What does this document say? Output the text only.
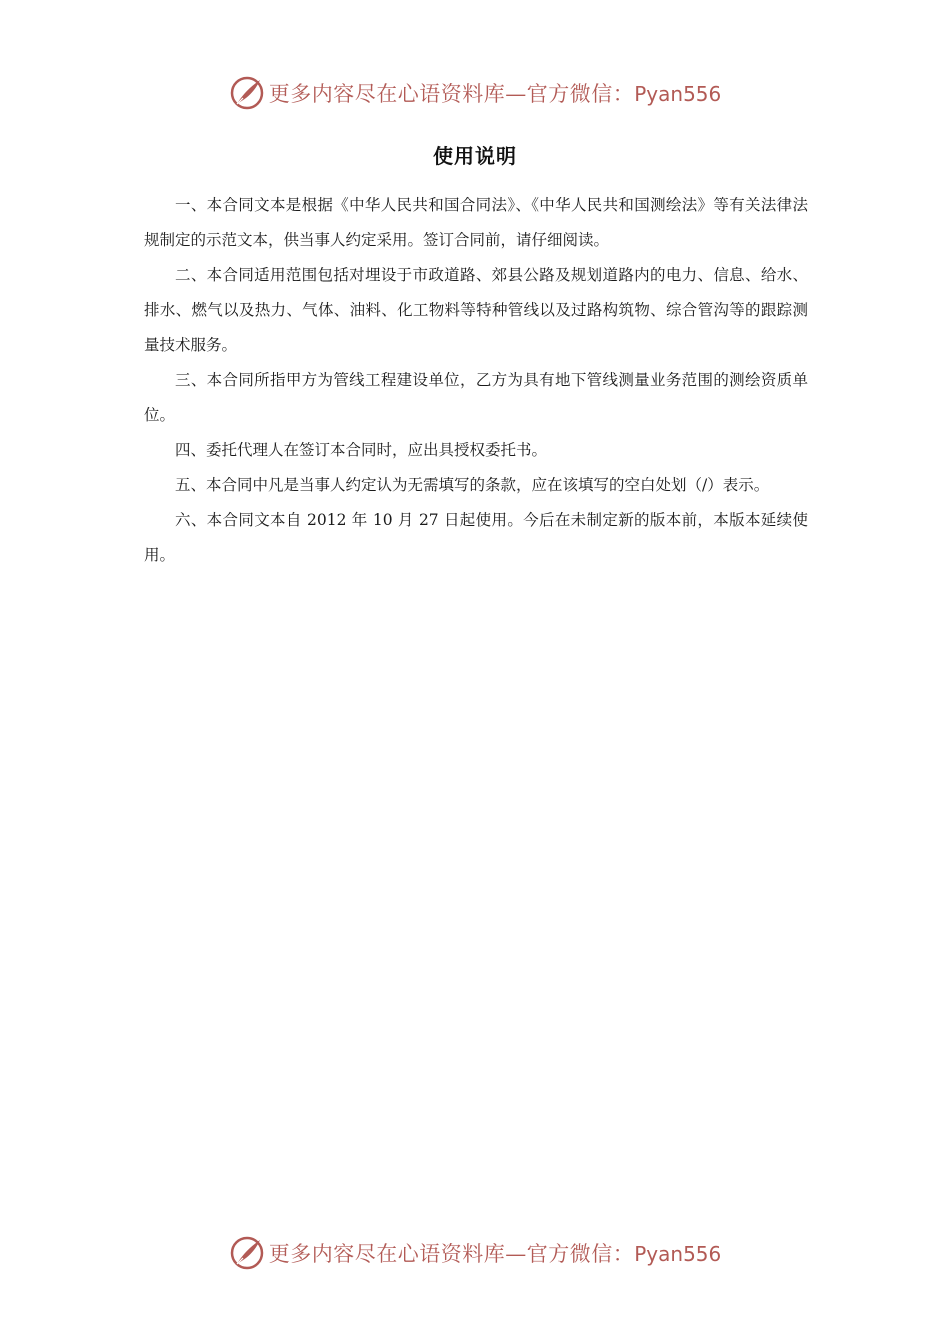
更多内容尽在心语资料库—官方微信：Pyan556
使用说明

一、本合同文本是根据《中华人民共和国合同法》、《中华人民共和国测绘法》等有关法律法规制定的示范文本，供当事人约定采用。签订合同前，请仔细阅读。

二、本合同适用范围包括对埋设于市政道路、郊县公路及规划道路内的电力、信息、给水、排水、燃气以及热力、气体、油料、化工物料等特种管线以及过路构筑物、综合管沟等的跟踪测量技术服务。

三、本合同所指甲方为管线工程建设单位，乙方为具有地下管线测量业务范围的测绘资质单位。

四、委托代理人在签订本合同时，应出具授权委托书。

五、本合同中凡是当事人约定认为无需填写的条款，应在该填写的空白处划（/）表示。

六、本合同文本自 2012 年 10 月 27 日起使用。今后在未制定新的版本前，本版本延续使用。

更多内容尽在心语资料库—官方微信：Pyan556
